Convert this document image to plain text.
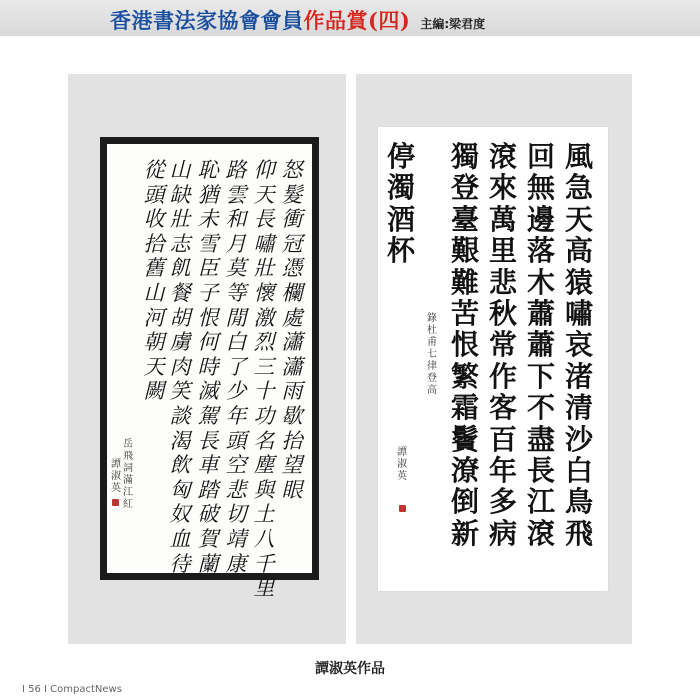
香港書法家協會會員 作品賞(四) 主編:梁君度
怒髮衝冠憑欄處瀟瀟雨歇抬望眼
仰天長嘯壯懷激烈三十功名塵與土八千里
路雲和月莫等閒白了少年頭空悲切靖康
恥猶未雪臣子恨何時滅駕長車踏破賀蘭
山缺壯志飢餐胡虜肉笑談渴飲匈奴血待
從頭收拾舊山河朝天闕
岳飛詞滿江紅
譚淑英
風急天高猿嘯哀渚清沙白鳥飛
回無邊落木蕭蕭下不盡長江滾
滾來萬里悲秋常作客百年多病
獨登臺艱難苦恨繁霜鬢潦倒新
停濁酒杯
錄杜甫七律 登高
譚淑英
譚淑英作品
I 56 I CompactNews
